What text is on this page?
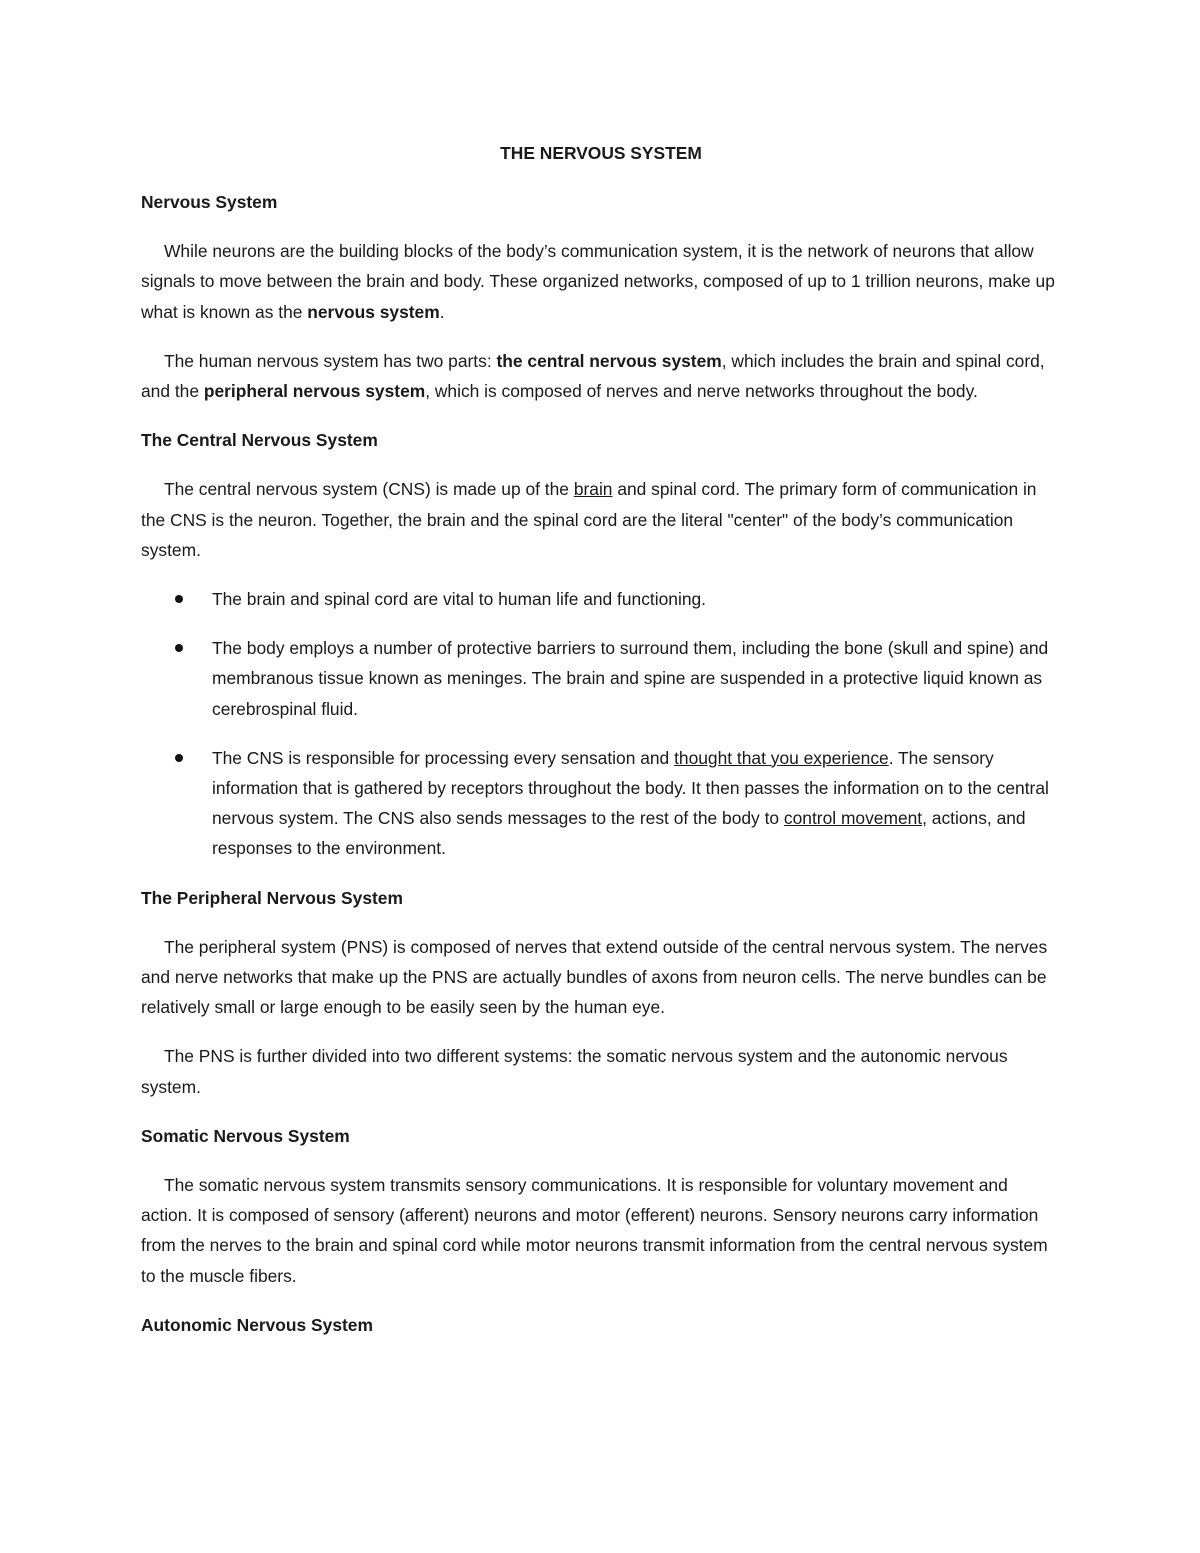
THE NERVOUS SYSTEM
Nervous System

While neurons are the building blocks of the body’s communication system, it is the network of neurons that allow signals to move between the brain and body. These organized networks, composed of up to 1 trillion neurons, make up what is known as the nervous system.

The human nervous system has two parts: the central nervous system, which includes the brain and spinal cord, and the peripheral nervous system, which is composed of nerves and nerve networks throughout the body.

The Central Nervous System

The central nervous system (CNS) is made up of the brain and spinal cord. The primary form of communication in the CNS is the neuron. Together, the brain and the spinal cord are the literal "center" of the body’s communication system.

The brain and spinal cord are vital to human life and functioning.
The body employs a number of protective barriers to surround them, including the bone (skull and spine) and membranous tissue known as meninges. The brain and spine are suspended in a protective liquid known as cerebrospinal fluid.
The CNS is responsible for processing every sensation and thought that you experience. The sensory information that is gathered by receptors throughout the body. It then passes the information on to the central nervous system. The CNS also sends messages to the rest of the body to control movement, actions, and responses to the environment.
The Peripheral Nervous System

The peripheral system (PNS) is composed of nerves that extend outside of the central nervous system. The nerves and nerve networks that make up the PNS are actually bundles of axons from neuron cells. The nerve bundles can be relatively small or large enough to be easily seen by the human eye.

The PNS is further divided into two different systems: the somatic nervous system and the autonomic nervous system.

Somatic Nervous System

The somatic nervous system transmits sensory communications. It is responsible for voluntary movement and action. It is composed of sensory (afferent) neurons and motor (efferent) neurons. Sensory neurons carry information from the nerves to the brain and spinal cord while motor neurons transmit information from the central nervous system to the muscle fibers.

Autonomic Nervous System
